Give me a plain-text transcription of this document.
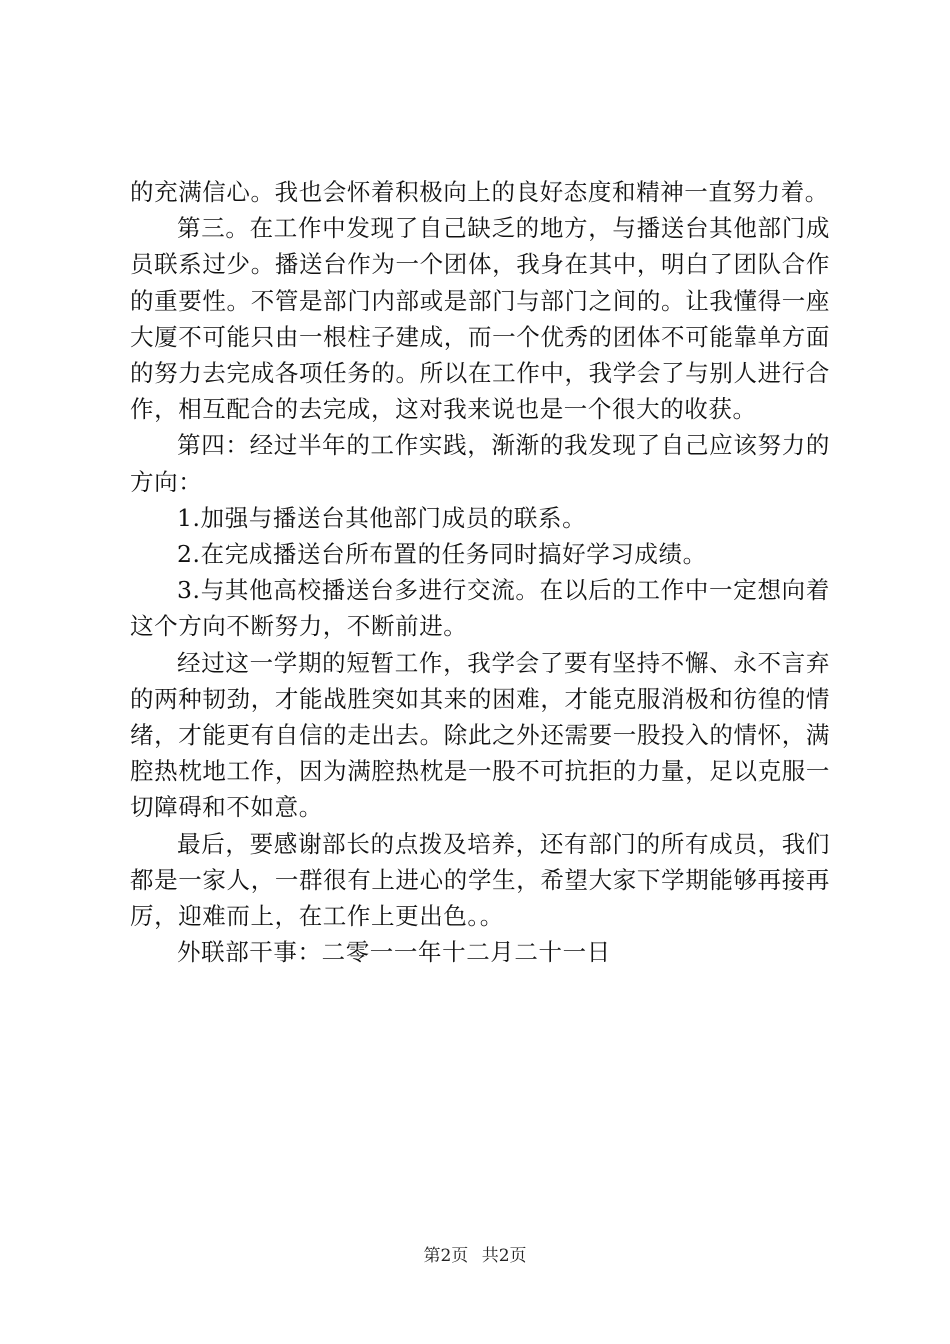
的充满信心。我也会怀着积极向上的良好态度和精神一直努力着。

第三。在工作中发现了自己缺乏的地方，与播送台其他部门成员联系过少。播送台作为一个团体，我身在其中，明白了团队合作的重要性。不管是部门内部或是部门与部门之间的。让我懂得一座大厦不可能只由一根柱子建成，而一个优秀的团体不可能靠单方面的努力去完成各项任务的。所以在工作中，我学会了与别人进行合作，相互配合的去完成，这对我来说也是一个很大的收获。

第四：经过半年的工作实践，渐渐的我发现了自己应该努力的方向：

1.加强与播送台其他部门成员的联系。

2.在完成播送台所布置的任务同时搞好学习成绩。

3.与其他高校播送台多进行交流。在以后的工作中一定想向着这个方向不断努力，不断前进。

经过这一学期的短暂工作，我学会了要有坚持不懈、永不言弃的两种韧劲，才能战胜突如其来的困难，才能克服消极和彷徨的情绪，才能更有自信的走出去。除此之外还需要一股投入的情怀，满腔热枕地工作，因为满腔热枕是一股不可抗拒的力量，足以克服一切障碍和不如意。

最后，要感谢部长的点拨及培养，还有部门的所有成员，我们都是一家人，一群很有上进心的学生，希望大家下学期能够再接再厉，迎难而上，在工作上更出色。。

外联部干事：二零一一年十二月二十一日

第2页 共2页
